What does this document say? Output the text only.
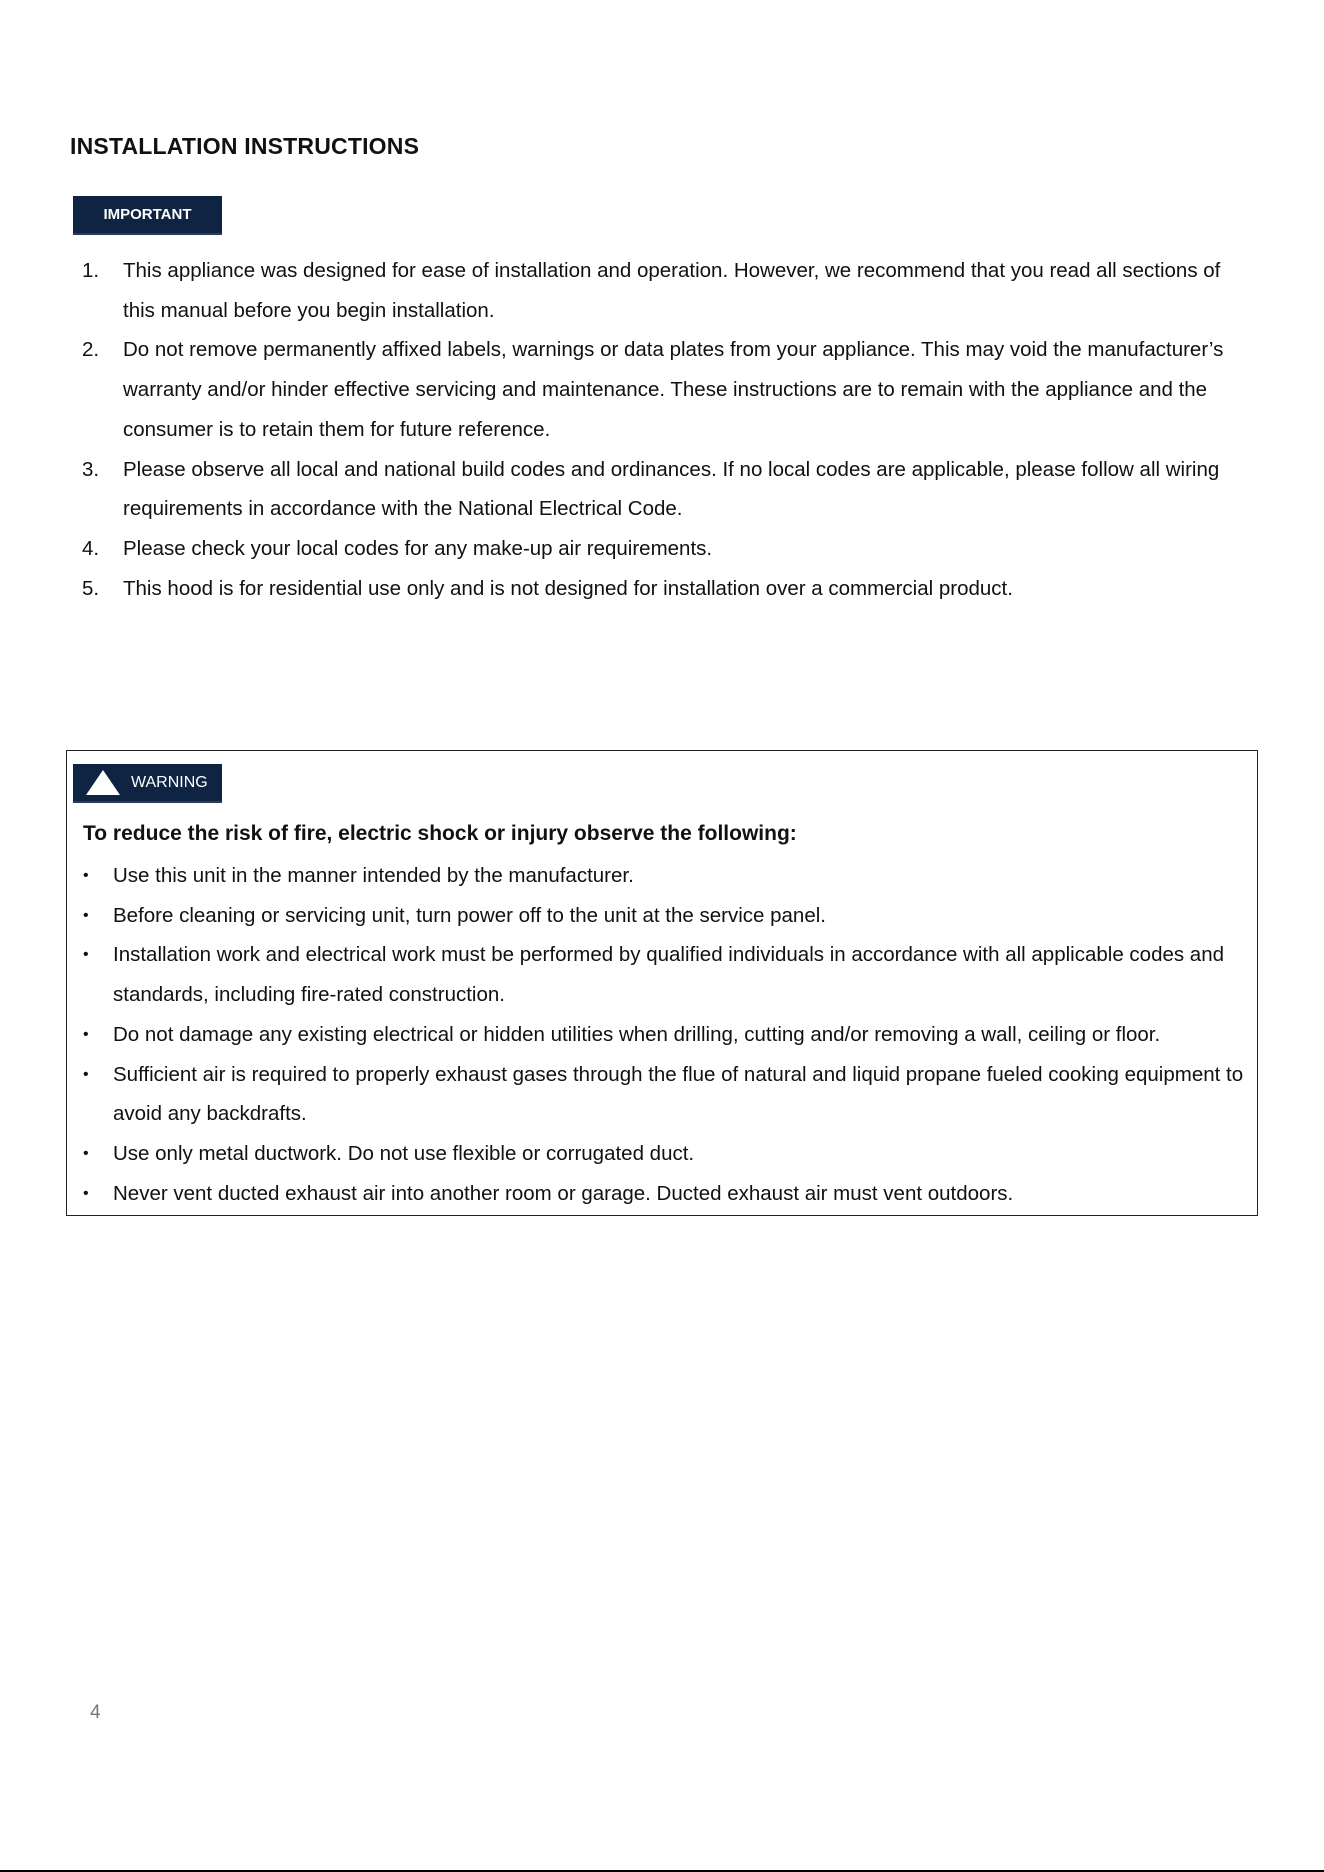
INSTALLATION INSTRUCTIONS
IMPORTANT
1. This appliance was designed for ease of installation and operation. However, we recommend that you read all sections of this manual before you begin installation.
2. Do not remove permanently affixed labels, warnings or data plates from your appliance. This may void the manufacturer’s warranty and/or hinder effective servicing and maintenance. These instructions are to remain with the appliance and the consumer is to retain them for future reference.
3. Please observe all local and national build codes and ordinances. If no local codes are applicable, please follow all wiring requirements in accordance with the National Electrical Code.
4. Please check your local codes for any make-up air requirements.
5. This hood is for residential use only and is not designed for installation over a commercial product.
WARNING

To reduce the risk of fire, electric shock or injury observe the following:

• Use this unit in the manner intended by the manufacturer.
• Before cleaning or servicing unit, turn power off to the unit at the service panel.
• Installation work and electrical work must be performed by qualified individuals in accordance with all applicable codes and standards, including fire-rated construction.
• Do not damage any existing electrical or hidden utilities when drilling, cutting and/or removing a wall, ceiling or floor.
• Sufficient air is required to properly exhaust gases through the flue of natural and liquid propane fueled cooking equipment to avoid any backdrafts.
• Use only metal ductwork. Do not use flexible or corrugated duct.
• Never vent ducted exhaust air into another room or garage. Ducted exhaust air must vent outdoors.
4
